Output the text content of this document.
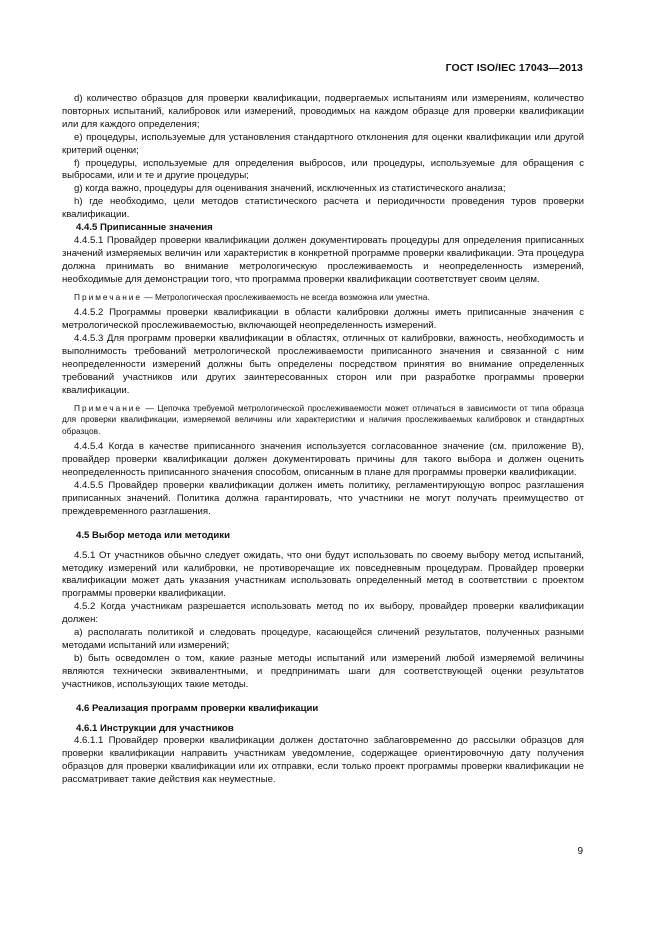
ГОСТ ISO/IEC 17043—2013

d) количество образцов для проверки квалификации, подвергаемых испытаниям или измерениям, количество повторных испытаний, калибровок или измерений, проводимых на каждом образце для проверки квалификации или для каждого определения;

e) процедуры, используемые для установления стандартного отклонения для оценки квалификации или другой критерий оценки;

f) процедуры, используемые для определения выбросов, или процедуры, используемые для обращения с выбросами, или и те и другие процедуры;

g) когда важно, процедуры для оценивания значений, исключенных из статистического анализа;

h) где необходимо, цели методов статистического расчета и периодичности проведения туров проверки квалификации.

4.4.5 Приписанные значения

4.4.5.1 Провайдер проверки квалификации должен документировать процедуры для определения приписанных значений измеряемых величин или характеристик в конкретной программе проверки квалификации. Эта процедура должна принимать во внимание метрологическую прослеживаемость и неопределенность измерений, необходимые для демонстрации того, что программа проверки квалификации соответствует своим целям.

Примечание — Метрологическая прослеживаемость не всегда возможна или уместна.

4.4.5.2 Программы проверки квалификации в области калибровки должны иметь приписанные значения с метрологической прослеживаемостью, включающей неопределенность измерений.

4.4.5.3 Для программ проверки квалификации в областях, отличных от калибровки, важность, необходимость и выполнимость требований метрологической прослеживаемости приписанного значения и связанной с ним неопределенности измерений должны быть определены посредством принятия во внимание определенных требований участников или других заинтересованных сторон или при разработке программы проверки квалификации.

Примечание — Цепочка требуемой метрологической прослеживаемости может отличаться в зависимости от типа образца для проверки квалификации, измеряемой величины или характеристики и наличия прослеживаемых калибровок и стандартных образцов.

4.4.5.4 Когда в качестве приписанного значения используется согласованное значение (см. приложение B), провайдер проверки квалификации должен документировать причины для такого выбора и должен оценить неопределенность приписанного значения способом, описанным в плане для программы проверки квалификации.

4.4.5.5 Провайдер проверки квалификации должен иметь политику, регламентирующую вопрос разглашения приписанных значений. Политика должна гарантировать, что участники не могут получать преимущество от преждевременного разглашения.

4.5 Выбор метода или методики

4.5.1 От участников обычно следует ожидать, что они будут использовать по своему выбору метод испытаний, методику измерений или калибровки, не противоречащие их повседневным процедурам. Провайдер проверки квалификации может дать указания участникам использовать определенный метод в соответствии с проектом программы проверки квалификации.

4.5.2 Когда участникам разрешается использовать метод по их выбору, провайдер проверки квалификации должен:

a) располагать политикой и следовать процедуре, касающейся сличений результатов, полученных разными методами испытаний или измерений;

b) быть осведомлен о том, какие разные методы испытаний или измерений любой измеряемой величины являются технически эквивалентными, и предпринимать шаги для соответствующей оценки результатов участников, использующих такие методы.

4.6 Реализация программ проверки квалификации

4.6.1 Инструкции для участников

4.6.1.1 Провайдер проверки квалификации должен достаточно заблаговременно до рассылки образцов для проверки квалификации направить участникам уведомление, содержащее ориентировочную дату получения образцов для проверки квалификации или их отправки, если только проект программы проверки квалификации не рассматривает такие действия как неуместные.

9
